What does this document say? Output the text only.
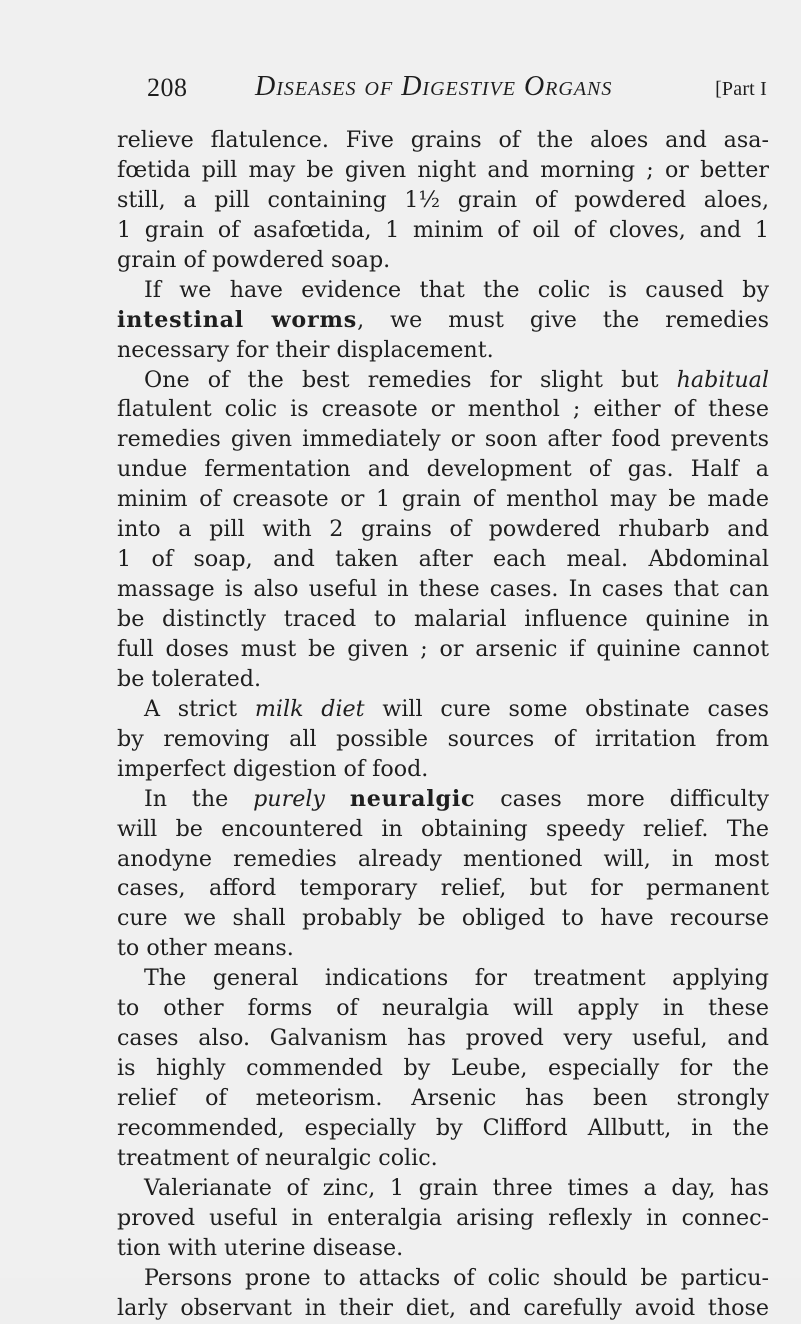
208 Diseases of Digestive Organs	[Part I
relieve flatulence. Five grains of the aloes and asa-
fœtida pill may be given night and morning ; or better
still, a pill containing 1½ grain of powdered aloes,
1 grain of asafœtida, 1 minim of oil of cloves, and 1
grain of powdered soap.
If we have evidence that the colic is caused by
intestinal worms, we must give the remedies
necessary for their displacement.
One of the best remedies for slight but habitual
flatulent colic is creasote or menthol ; either of these
remedies given immediately or soon after food prevents
undue fermentation and development of gas. Half a
minim of creasote or 1 grain of menthol may be made
into a pill with 2 grains of powdered rhubarb and
1 of soap, and taken after each meal. Abdominal
massage is also useful in these cases. In cases that can
be distinctly traced to malarial influence quinine in
full doses must be given ; or arsenic if quinine cannot
be tolerated.
A strict milk diet will cure some obstinate cases
by removing all possible sources of irritation from
imperfect digestion of food.
In the purely neuralgic cases more difficulty
will be encountered in obtaining speedy relief. The
anodyne remedies already mentioned will, in most
cases, afford temporary relief, but for permanent
cure we shall probably be obliged to have recourse
to other means.
The general indications for treatment applying
to other forms of neuralgia will apply in these
cases also. Galvanism has proved very useful, and
is highly commended by Leube, especially for the
relief of meteorism. Arsenic has been strongly
recommended, especially by Clifford Allbutt, in the
treatment of neuralgic colic.
Valerianate of zinc, 1 grain three times a day, has
proved useful in enteralgia arising reflexly in connec-
tion with uterine disease.
Persons prone to attacks of colic should be particu-
larly observant in their diet, and carefully avoid those
